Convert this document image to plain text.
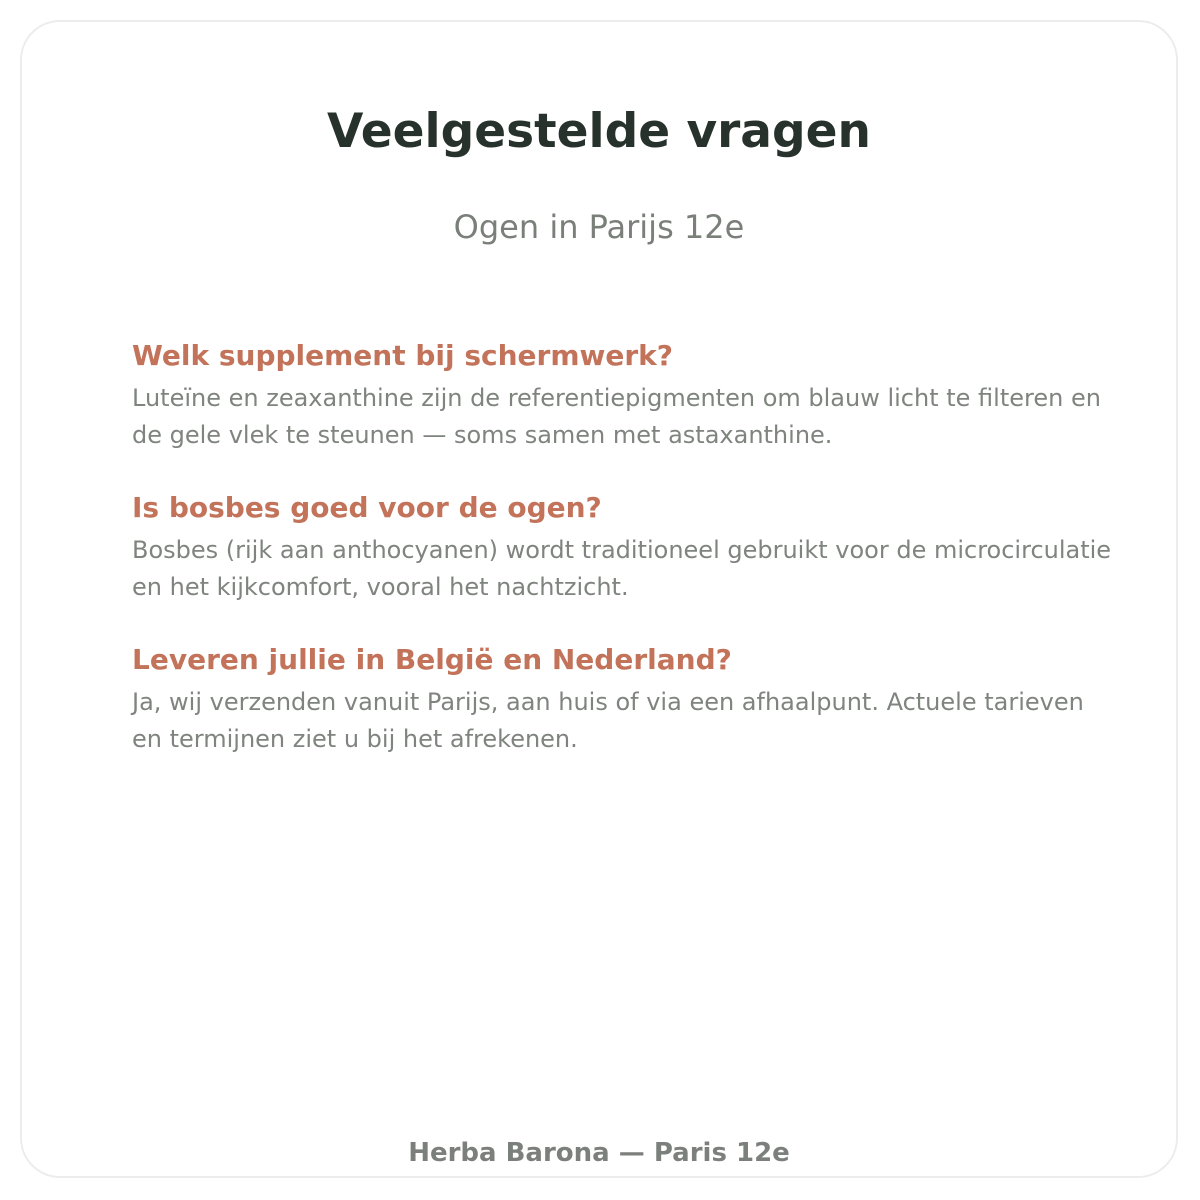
Veelgestelde vragen

Ogen in Parijs 12e

Welk supplement bij schermwerk?

Luteïne en zeaxanthine zijn de referentiepigmenten om blauw licht te filteren en de gele vlek te steunen — soms samen met astaxanthine.

Is bosbes goed voor de ogen?

Bosbes (rijk aan anthocyanen) wordt traditioneel gebruikt voor de microcirculatie en het kijkcomfort, vooral het nachtzicht.

Leveren jullie in België en Nederland?

Ja, wij verzenden vanuit Parijs, aan huis of via een afhaalpunt. Actuele tarieven en termijnen ziet u bij het afrekenen.

Herba Barona — Paris 12e
